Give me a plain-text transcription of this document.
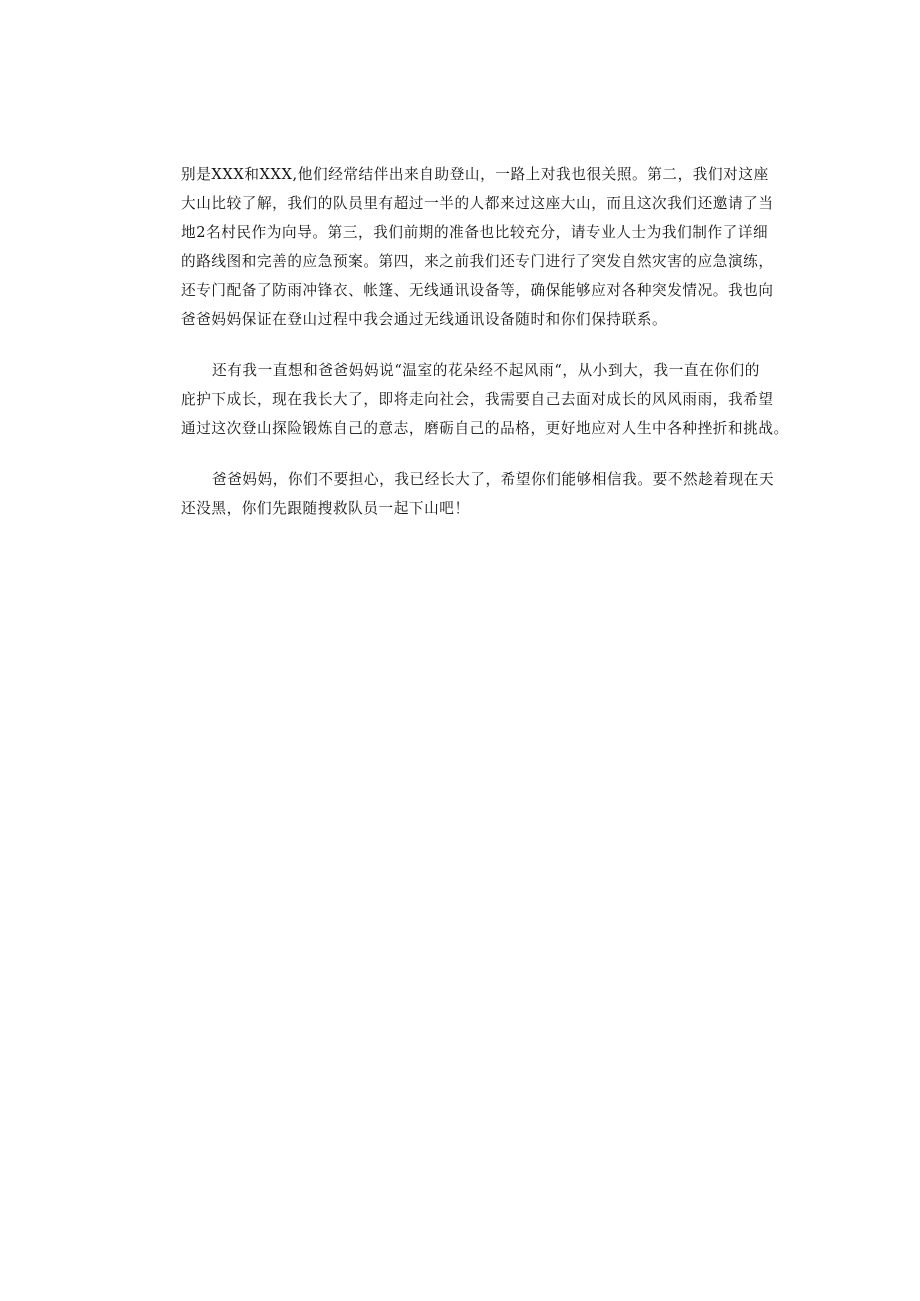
别是XXX和XXX,他们经常结伴出来自助登山，一路上对我也很关照。第二，我们对这座
大山比较了解，我们的队员里有超过一半的人都来过这座大山，而且这次我们还邀请了当
地2名村民作为向导。第三，我们前期的准备也比较充分，请专业人士为我们制作了详细
的路线图和完善的应急预案。第四，来之前我们还专门进行了突发自然灾害的应急演练，
还专门配备了防雨冲锋衣、帐篷、无线通讯设备等，确保能够应对各种突发情况。我也向
爸爸妈妈保证在登山过程中我会通过无线通讯设备随时和你们保持联系。
还有我一直想和爸爸妈妈说“温室的花朵经不起风雨“，从小到大，我一直在你们的
庇护下成长，现在我长大了，即将走向社会，我需要自己去面对成长的风风雨雨，我希望
通过这次登山探险锻炼自己的意志，磨砺自己的品格，更好地应对人生中各种挫折和挑战。
爸爸妈妈，你们不要担心，我已经长大了，希望你们能够相信我。要不然趁着现在天
还没黑，你们先跟随搜救队员一起下山吧！
